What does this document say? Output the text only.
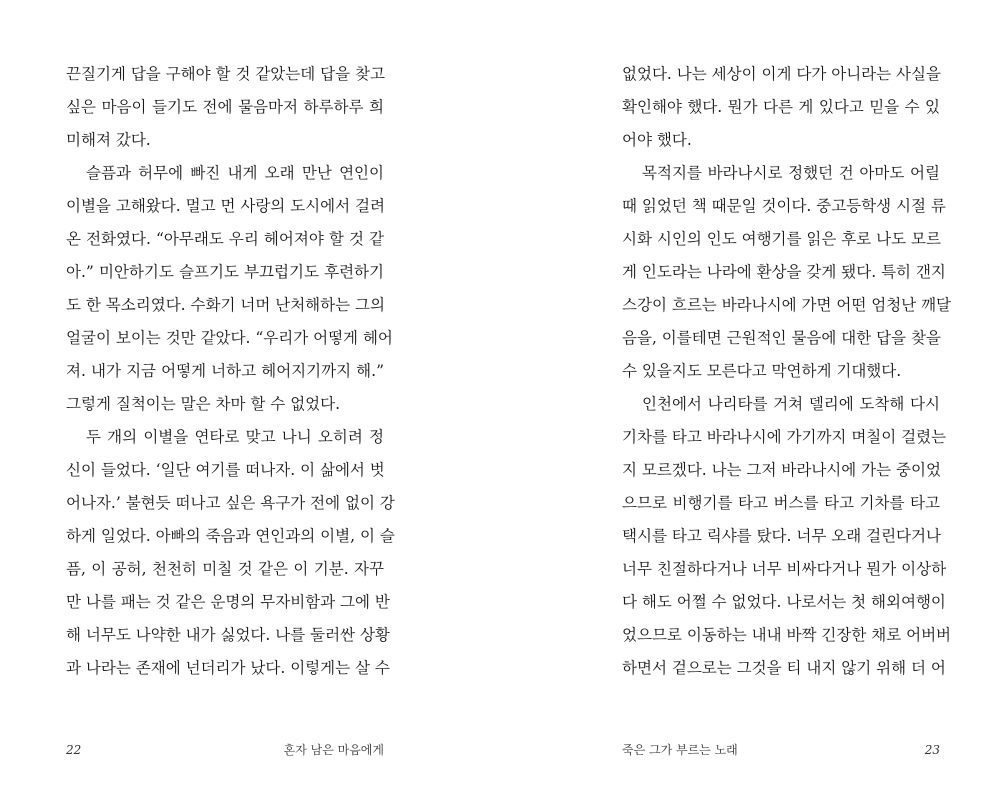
끈질기게 답을 구해야 할 것 같았는데 답을 찾고
싶은 마음이 들기도 전에 물음마저 하루하루 희
미해져 갔다.
슬픔과 허무에 빠진 내게 오래 만난 연인이
이별을 고해왔다. 멀고 먼 사랑의 도시에서 걸려
온 전화였다. “아무래도 우리 헤어져야 할 것 같
아.” 미안하기도 슬프기도 부끄럽기도 후련하기
도 한 목소리였다. 수화기 너머 난처해하는 그의
얼굴이 보이는 것만 같았다. “우리가 어떻게 헤어
져. 내가 지금 어떻게 너하고 헤어지기까지 해.”
그렇게 질척이는 말은 차마 할 수 없었다.
두 개의 이별을 연타로 맞고 나니 오히려 정
신이 들었다. ‘일단 여기를 떠나자. 이 삶에서 벗
어나자.’ 불현듯 떠나고 싶은 욕구가 전에 없이 강
하게 일었다. 아빠의 죽음과 연인과의 이별, 이 슬
픔, 이 공허, 천천히 미칠 것 같은 이 기분. 자꾸
만 나를 패는 것 같은 운명의 무자비함과 그에 반
해 너무도 나약한 내가 싫었다. 나를 둘러싼 상황
과 나라는 존재에 넌더리가 났다. 이렇게는 살 수
22	혼자 남은 마음에게
없었다. 나는 세상이 이게 다가 아니라는 사실을
확인해야 했다. 뭔가 다른 게 있다고 믿을 수 있
어야 했다.
목적지를 바라나시로 정했던 건 아마도 어릴
때 읽었던 책 때문일 것이다. 중고등학생 시절 류
시화 시인의 인도 여행기를 읽은 후로 나도 모르
게 인도라는 나라에 환상을 갖게 됐다. 특히 갠지
스강이 흐르는 바라나시에 가면 어떤 엄청난 깨달
음을, 이를테면 근원적인 물음에 대한 답을 찾을
수 있을지도 모른다고 막연하게 기대했다.
인천에서 나리타를 거쳐 델리에 도착해 다시
기차를 타고 바라나시에 가기까지 며칠이 걸렸는
지 모르겠다. 나는 그저 바라나시에 가는 중이었
으므로 비행기를 타고 버스를 타고 기차를 타고
택시를 타고 릭샤를 탔다. 너무 오래 걸린다거나
너무 친절하다거나 너무 비싸다거나 뭔가 이상하
다 해도 어쩔 수 없었다. 나로서는 첫 해외여행이
었으므로 이동하는 내내 바짝 긴장한 채로 어버버
하면서 겉으로는 그것을 티 내지 않기 위해 더 어
죽은 그가 부르는 노래	23
